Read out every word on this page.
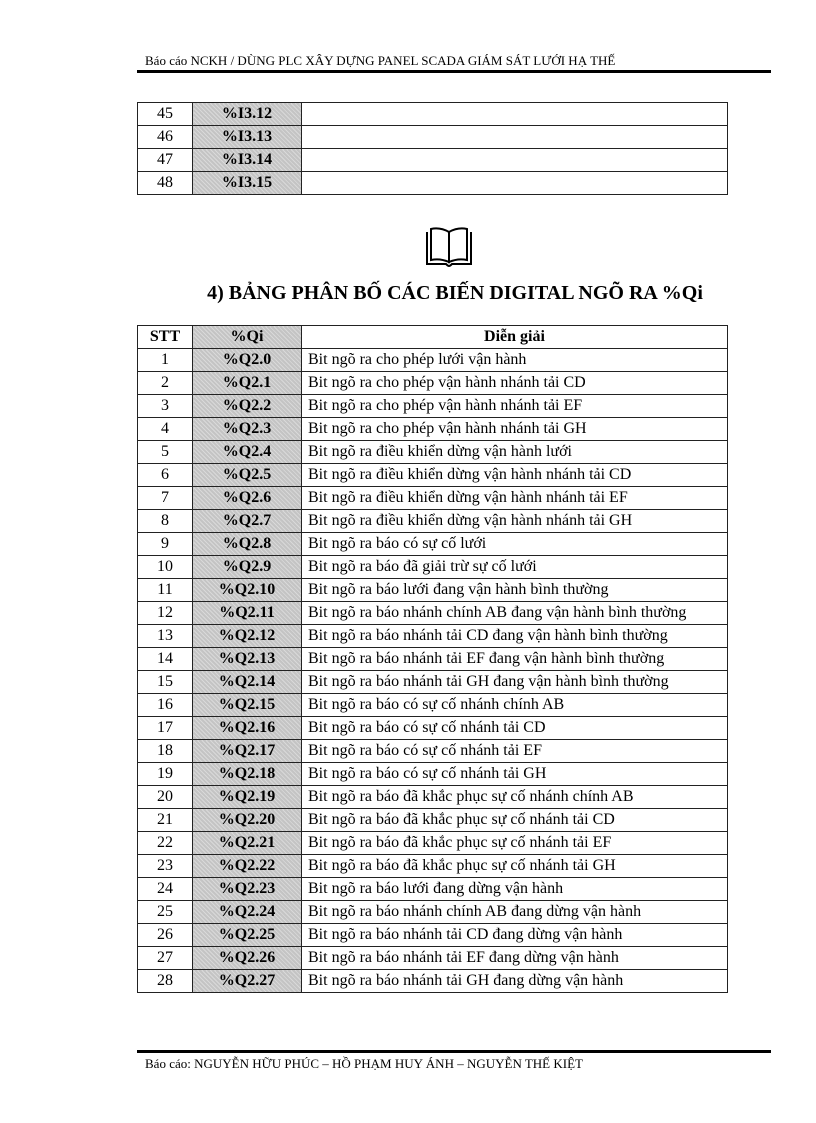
Báo cáo NCKH / DÙNG PLC XÂY DỰNG PANEL SCADA GIÁM SÁT LƯỚI HẠ THẾ
45	%I3.12	
46	%I3.13	
47	%I3.14	
48	%I3.15	
4) BẢNG PHÂN BỐ CÁC BIẾN DIGITAL NGÕ RA %Qi
STT	%Qi	Diễn giải
1	%Q2.0	Bit ngõ ra cho phép lưới vận hành
2	%Q2.1	Bit ngõ ra cho phép vận hành nhánh tải CD
3	%Q2.2	Bit ngõ ra cho phép vận hành nhánh tải EF
4	%Q2.3	Bit ngõ ra cho phép vận hành nhánh tải GH
5	%Q2.4	Bit ngõ ra điều khiển dừng vận hành lưới
6	%Q2.5	Bit ngõ ra điều khiển dừng vận hành nhánh tải CD
7	%Q2.6	Bit ngõ ra điều khiển dừng vận hành nhánh tải EF
8	%Q2.7	Bit ngõ ra điều khiển dừng vận hành nhánh tải GH
9	%Q2.8	Bit ngõ ra báo có sự cố lưới
10	%Q2.9	Bit ngõ ra báo đã giải trừ sự cố lưới
11	%Q2.10	Bit ngõ ra báo lưới đang vận hành bình thường
12	%Q2.11	Bit ngõ ra báo nhánh chính AB đang vận hành bình thường
13	%Q2.12	Bit ngõ ra báo nhánh tải CD đang vận hành bình thường
14	%Q2.13	Bit ngõ ra báo nhánh tải EF đang vận hành bình thường
15	%Q2.14	Bit ngõ ra báo nhánh tải GH đang vận hành bình thường
16	%Q2.15	Bit ngõ ra báo có sự cố nhánh chính AB
17	%Q2.16	Bit ngõ ra báo có sự cố nhánh tải CD
18	%Q2.17	Bit ngõ ra báo có sự cố nhánh tải EF
19	%Q2.18	Bit ngõ ra báo có sự cố nhánh tải GH
20	%Q2.19	Bit ngõ ra báo đã khắc phục sự cố nhánh chính AB
21	%Q2.20	Bit ngõ ra báo đã khắc phục sự cố nhánh tải CD
22	%Q2.21	Bit ngõ ra báo đã khắc phục sự cố nhánh tải EF
23	%Q2.22	Bit ngõ ra báo đã khắc phục sự cố nhánh tải GH
24	%Q2.23	Bit ngõ ra báo lưới đang dừng vận hành
25	%Q2.24	Bit ngõ ra báo nhánh chính AB đang dừng vận hành
26	%Q2.25	Bit ngõ ra báo nhánh tải CD đang dừng vận hành
27	%Q2.26	Bit ngõ ra báo nhánh tải EF đang dừng vận hành
28	%Q2.27	Bit ngõ ra báo nhánh tải GH đang dừng vận hành
Báo cáo: NGUYỄN HỮU PHÚC – HỒ PHẠM HUY ÁNH – NGUYỄN THẾ KIỆT
